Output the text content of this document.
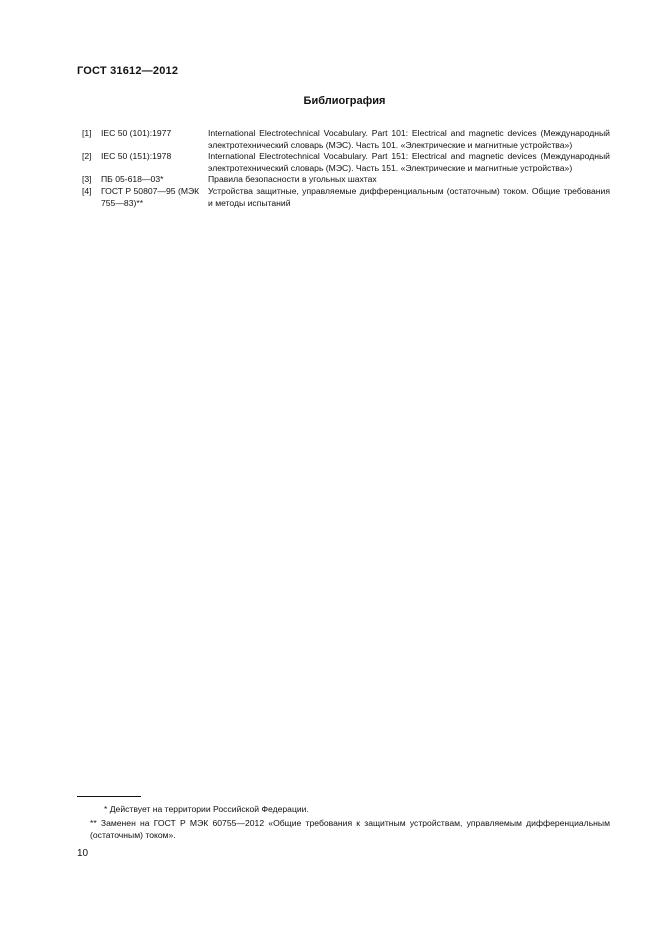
ГОСТ 31612—2012
Библиография
[1]	IEC 50 (101):1977	International Electrotechnical Vocabulary. Part 101: Electrical and magnetic devices (Международный электротехнический словарь (МЭС). Часть 101. «Электрические и магнитные устройства»)
[2]	IEC 50 (151):1978	International Electrotechnical Vocabulary. Part 151: Electrical and magnetic devices (Международный электротехнический словарь (МЭС). Часть 151. «Электрические и магнитные устройства»)
[3]	ПБ 05-618—03*	Правила безопасности в угольных шахтах
[4]	ГОСТ Р 50807—95 (МЭК 755—83)**	Устройства защитные, управляемые дифференциальным (остаточным) током. Общие требования и методы испытаний
* Действует на территории Российской Федерации.
** Заменен на ГОСТ Р МЭК 60755—2012 «Общие требования к защитным устройствам, управляемым дифференциальным (остаточным) током».
10
